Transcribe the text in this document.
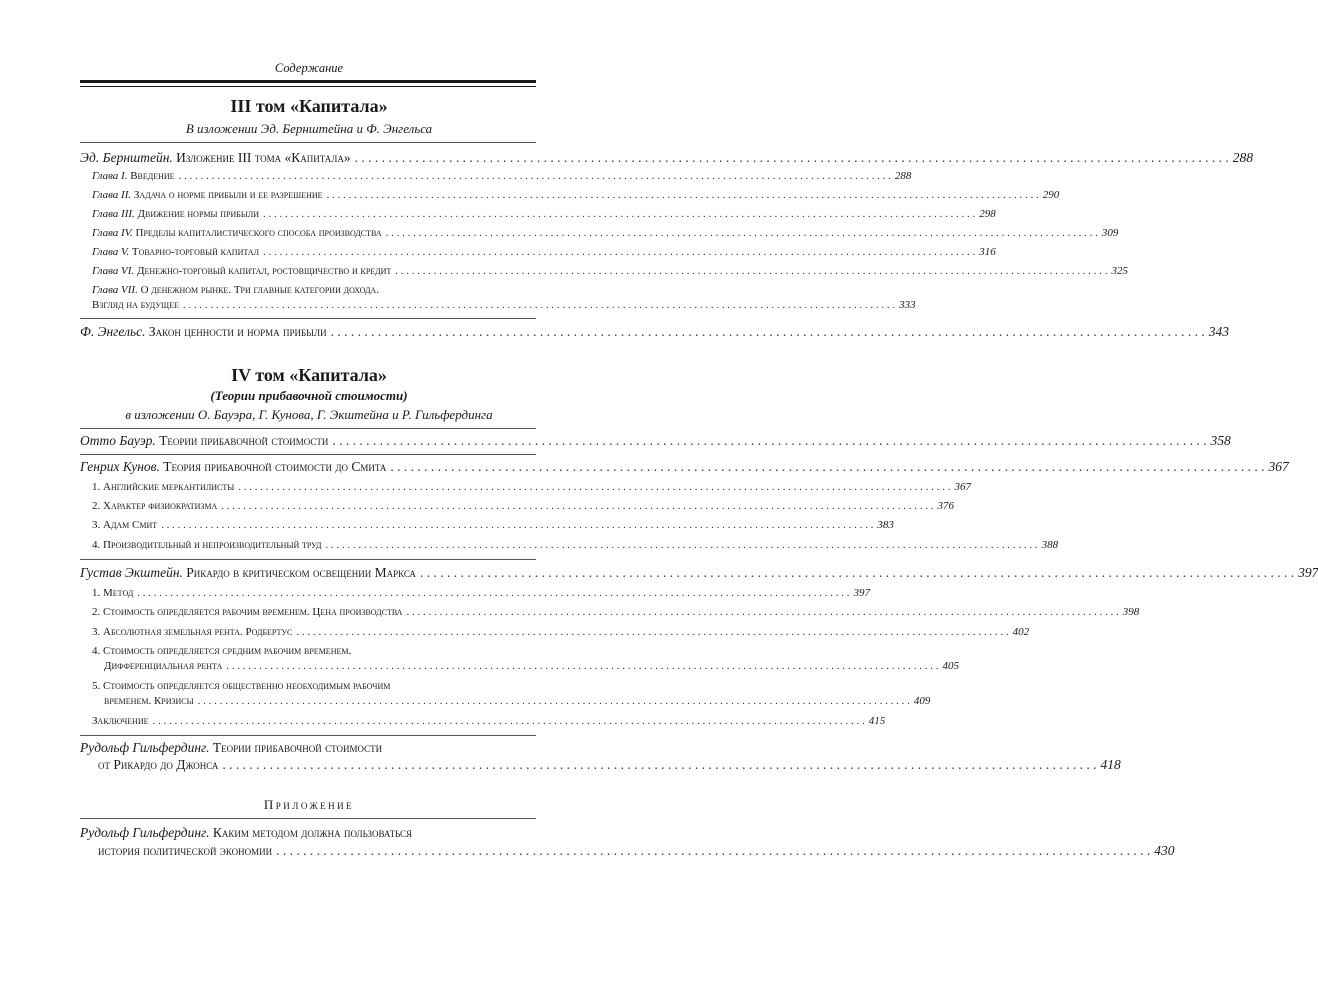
Содержание
III том «Капитала»
В изложении Эд. Бернштейна и Ф. Энгельса
Эд. Бернштейн. Изложение III тома «Капитала» . . .	288
Глава I. Введение . . .	288
Глава II. Задача о норме прибыли и ее разрешение . . .	290
Глава III. Движение нормы прибыли . . .	298
Глава IV. Пределы капиталистического способа производства . . .	309
Глава V. Товарно-торговый капитал . . .	316
Глава VI. Денежно-торговый капитал, ростовщичество и кредит . . .	325
Глава VII. О денежном рынке. Три главные категории дохода.
Взгляд на будущее . . .	333
Ф. Энгельс. Закон ценности и норма прибыли . . .	343
IV том «Капитала»
(Теории прибавочной стоимости)
в изложении О. Бауэра, Г. Кунова, Г. Экштейна и Р. Гильфердинга
Отто Бауэр. Теории прибавочной стоимости . . .	358
Генрих Кунов. Теория прибавочной стоимости до Смита . . .	367
1. Английские меркантилисты . . .	367
2. Характер физиократизма . . .	376
3. Адам Смит . . .	383
4. Производительный и непроизводительный труд . . .	388
Густав Экштейн. Рикардо в критическом освещении Маркса . . .	397
1. Метод . . .	397
2. Стоимость определяется рабочим временем. Цена производства . . .	398
3. Абсолютная земельная рента. Родбертус . . .	402
4. Стоимость определяется средним рабочим временем.
Дифференциальная рента . . .	405
5. Стоимость определяется общественно необходимым рабочим
временем. Кризисы . . .	409
Заключение . . .	415
Рудольф Гильфердинг. Теории прибавочной стоимости
от Рикардо до Джонса . . .	418
Приложение
Рудольф Гильфердинг. Каким методом должна пользоваться
история политической экономии . . .	430
